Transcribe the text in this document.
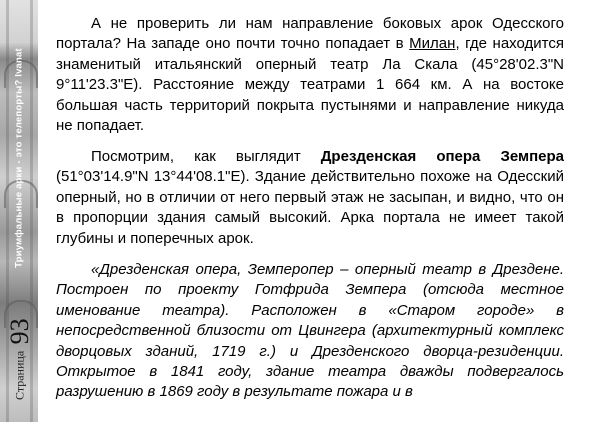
Триумфальные арки - это телепорты? Ivanat
Страница 93

А не проверить ли нам направление боковых арок Одесского портала? На западе оно почти точно попадает в Милан, где находится знаменитый итальянский оперный театр Ла Скала (45°28'02.3"N 9°11'23.3"E). Расстояние между театрами 1 664 км. А на востоке большая часть территорий покрыта пустынями и направление никуда не попадает.

Посмотрим, как выглядит Дрезденская опера Земпера (51°03'14.9"N 13°44'08.1"E). Здание действительно похоже на Одесский оперный, но в отличии от него первый этаж не засыпан, и видно, что он в пропорции здания самый высокий. Арка портала не имеет такой глубины и поперечных арок.

«Дрезденская опера, Земперопер – оперный театр в Дрездене. Построен по проекту Готфрида Земпера (отсюда местное именование театра). Расположен в «Старом городе» в непосредственной близости от Цвингера (архитектурный комплекс дворцовых зданий, 1719 г.) и Дрезденского дворца-резиденции. Открытое в 1841 году, здание театра дважды подвергалось разрушению в 1869 году в результате пожара и в
